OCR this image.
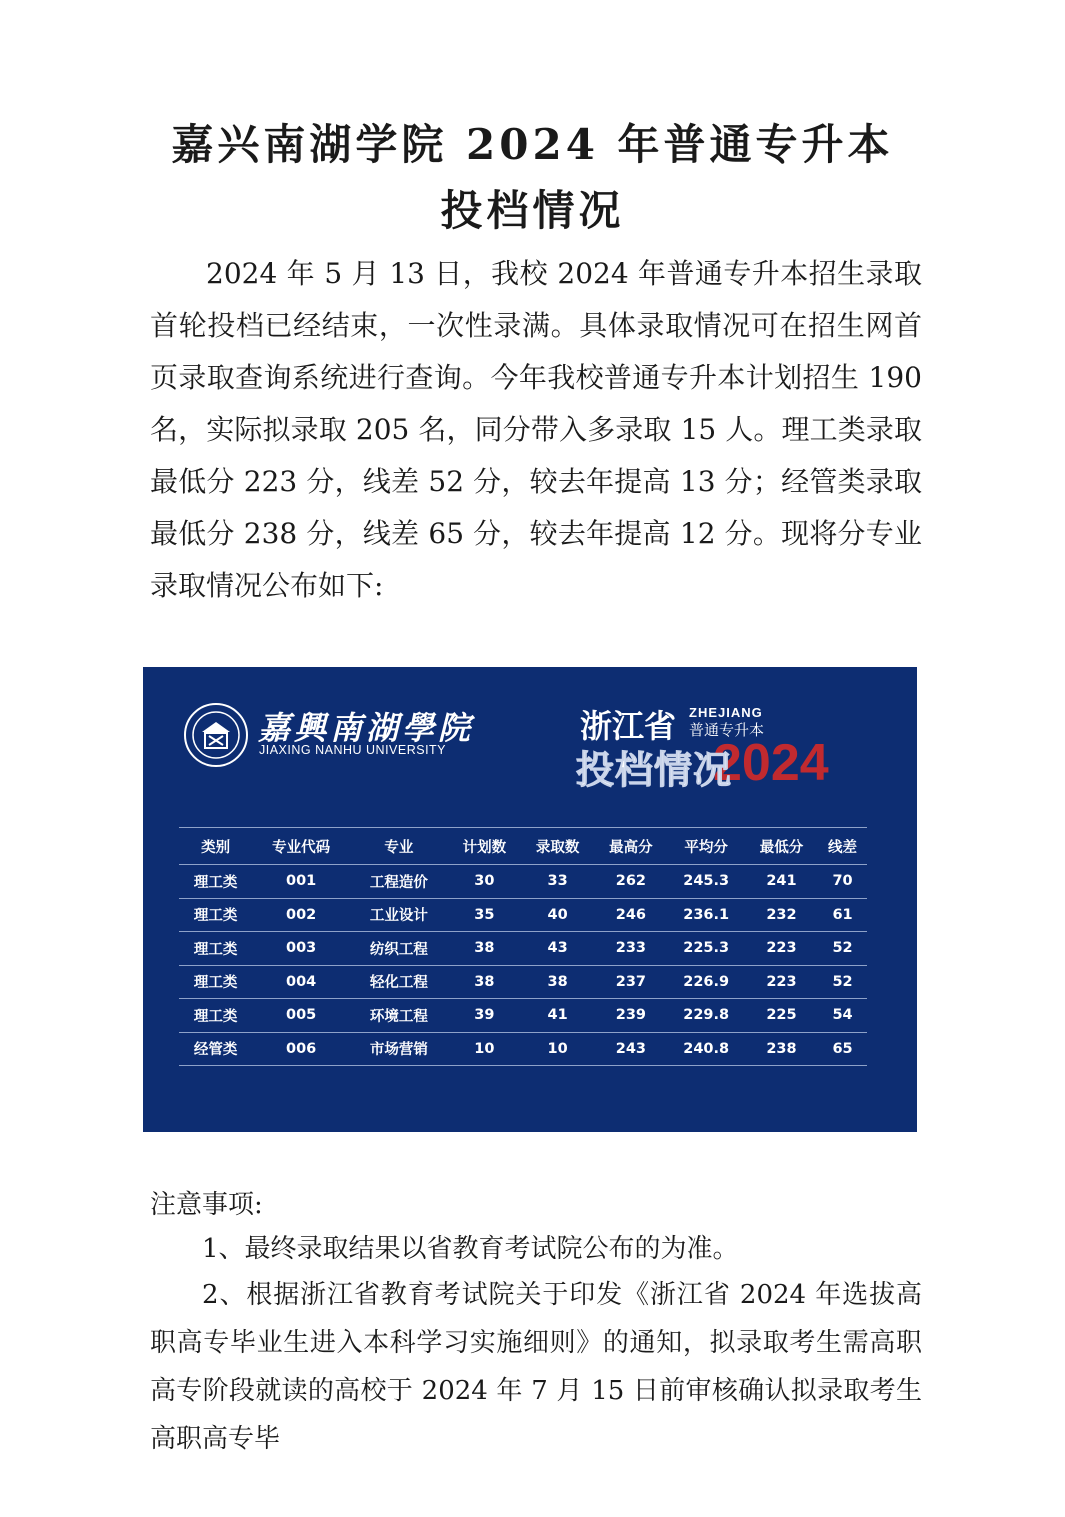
嘉兴南湖学院 2024 年普通专升本
投档情况

2024 年 5 月 13 日，我校 2024 年普通专升本招生录取首轮投档已经结束，一次性录满。具体录取情况可在招生网首页录取查询系统进行查询。今年我校普通专升本计划招生 190 名，实际拟录取 205 名，同分带入多录取 15 人。理工类录取最低分 223 分，线差 52 分，较去年提高 13 分；经管类录取最低分 238 分，线差 65 分，较去年提高 12 分。现将分专业录取情况公布如下:

嘉興南湖學院
JIAXING NANHU UNIVERSITY
浙江省 ZHEJIANG
普通专升本
2024
投档情况
类别	专业代码	专业	计划数	录取数	最高分	平均分	最低分	线差
理工类	001	工程造价	30	33	262	245.3	241	70
理工类	002	工业设计	35	40	246	236.1	232	61
理工类	003	纺织工程	38	43	233	225.3	223	52
理工类	004	轻化工程	38	38	237	226.9	223	52
理工类	005	环境工程	39	41	239	229.8	225	54
经管类	006	市场营销	10	10	243	240.8	238	65

注意事项:

1、最终录取结果以省教育考试院公布的为准。

2、根据浙江省教育考试院关于印发《浙江省 2024 年选拔高职高专毕业生进入本科学习实施细则》的通知，拟录取考生需高职高专阶段就读的高校于 2024 年 7 月 15 日前审核确认拟录取考生高职高专毕
